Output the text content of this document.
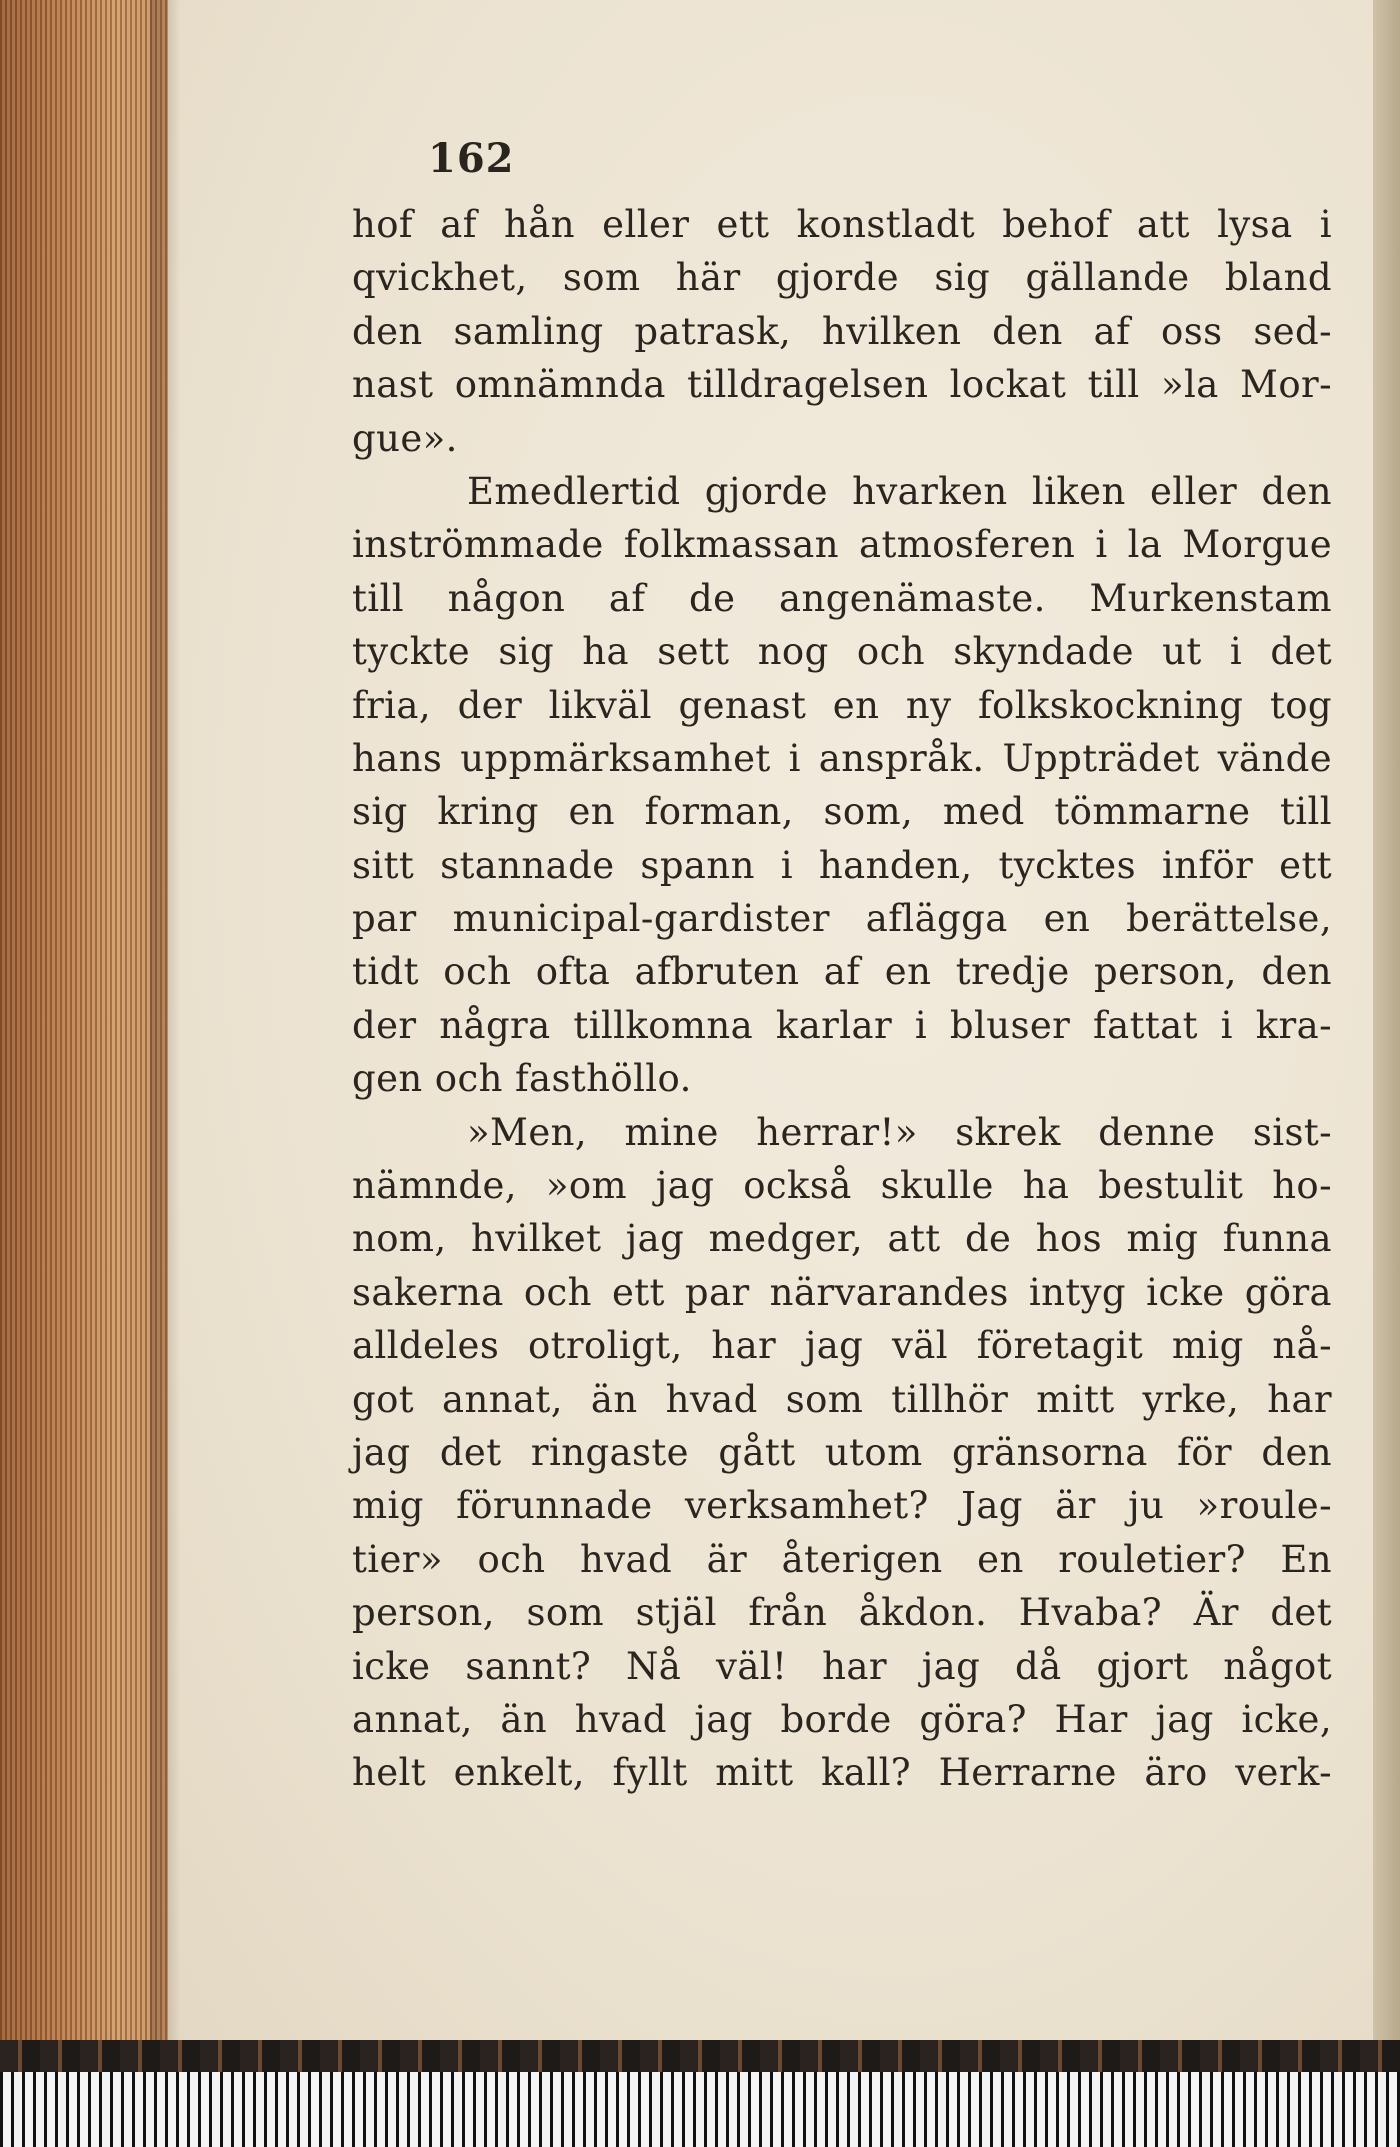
162
hof af hån eller ett konstladt behof att lysa i
qvickhet, som här gjorde sig gällande bland
den samling patrask, hvilken den af oss sed-
nast omnämnda tilldragelsen lockat till »la Mor-
gue».
Emedlertid gjorde hvarken liken eller den
inströmmade folkmassan atmosferen i la Morgue
till någon af de angenämaste. Murkenstam
tyckte sig ha sett nog och skyndade ut i det
fria, der likväl genast en ny folkskockning tog
hans uppmärksamhet i anspråk. Uppträdet vände
sig kring en forman, som, med tömmarne till
sitt stannade spann i handen, tycktes inför ett
par municipal-gardister aflägga en berättelse,
tidt och ofta afbruten af en tredje person, den
der några tillkomna karlar i bluser fattat i kra-
gen och fasthöllo.
»Men, mine herrar!» skrek denne sist-
nämnde, »om jag också skulle ha bestulit ho-
nom, hvilket jag medger, att de hos mig funna
sakerna och ett par närvarandes intyg icke göra
alldeles otroligt, har jag väl företagit mig nå-
got annat, än hvad som tillhör mitt yrke, har
jag det ringaste gått utom gränsorna för den
mig förunnade verksamhet? Jag är ju »roule-
tier» och hvad är återigen en rouletier? En
person, som stjäl från åkdon. Hvaba? Är det
icke sannt? Nå väl! har jag då gjort något
annat, än hvad jag borde göra? Har jag icke,
helt enkelt, fyllt mitt kall? Herrarne äro verk-
